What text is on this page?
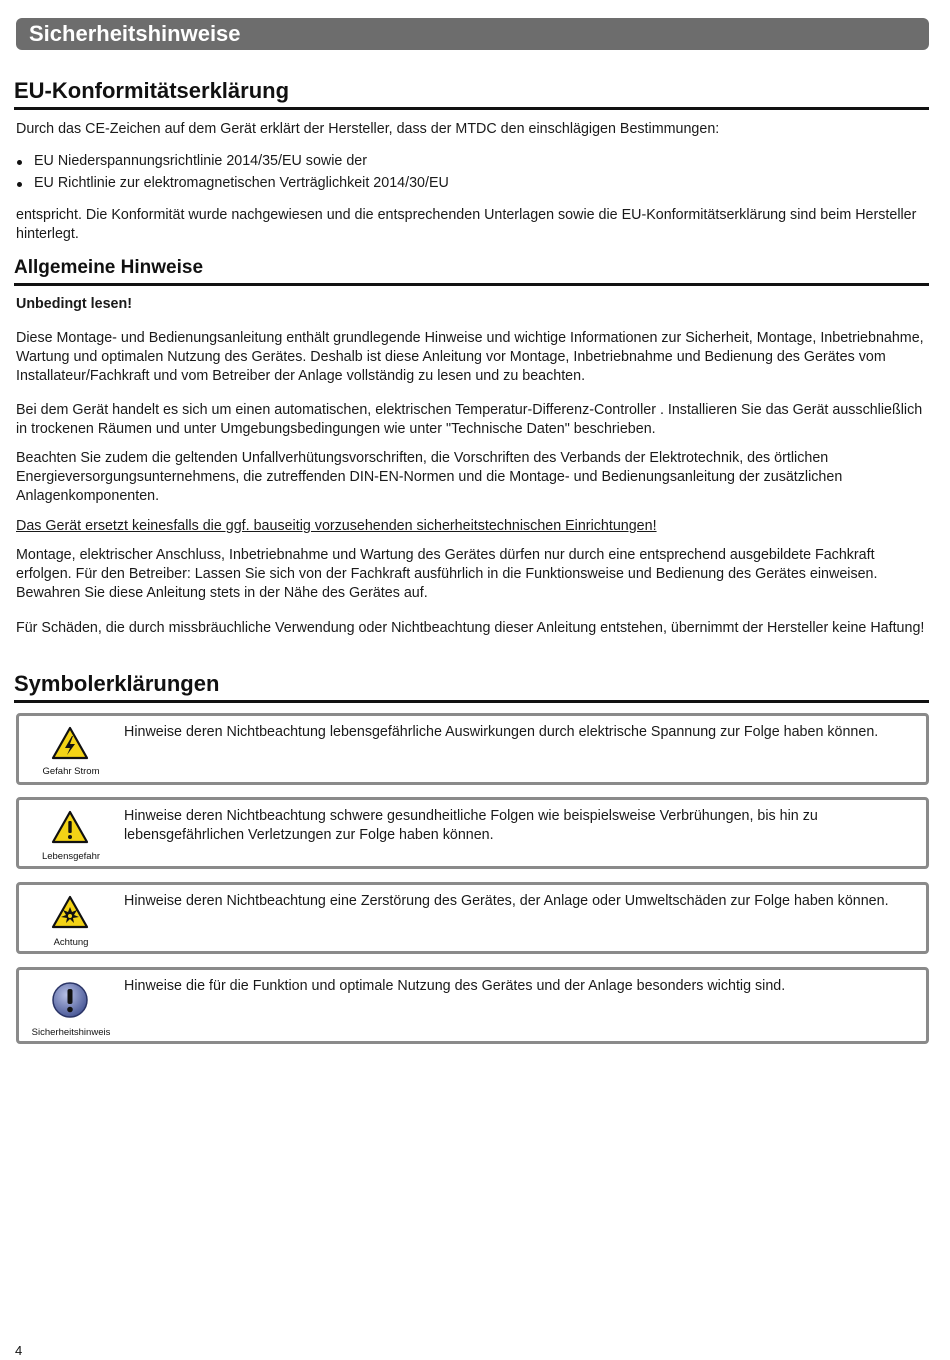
Sicherheitshinweise
EU-Konformitätserklärung

Durch das CE-Zeichen auf dem Gerät erklärt der Hersteller, dass der MTDC den einschlägigen Bestimmungen:

EU Niederspannungsrichtlinie 2014/35/EU sowie der
EU Richtlinie zur elektromagnetischen Verträglichkeit 2014/30/EU

entspricht. Die Konformität wurde nachgewiesen und die entsprechenden Unterlagen sowie die EU-Konformitätserklärung sind beim Hersteller hinterlegt.

Allgemeine Hinweise

Unbedingt lesen!

Diese Montage- und Bedienungsanleitung enthält grundlegende Hinweise und wichtige Informationen zur Sicherheit, Montage, Inbetriebnahme, Wartung und optimalen Nutzung des Gerätes. Deshalb ist diese Anleitung vor Montage, Inbetriebnahme und Bedienung des Gerätes vom Installateur/Fachkraft und vom Betreiber der Anlage vollständig zu lesen und zu beachten.

Bei dem Gerät handelt es sich um einen automatischen, elektrischen Temperatur-Differenz-Controller . Installieren Sie das Gerät ausschließlich in trockenen Räumen und unter Umgebungsbedingungen wie unter "Technische Daten" beschrieben.

Beachten Sie zudem die geltenden Unfallverhütungsvorschriften, die Vorschriften des Verbands der Elektrotechnik, des örtlichen Energieversorgungsunternehmens, die zutreffenden DIN-EN-Normen und die Montage- und Bedienungsanleitung der zusätzlichen Anlagenkomponenten.

Das Gerät ersetzt keinesfalls die ggf. bauseitig vorzusehenden sicherheitstechnischen Einrichtungen!

Montage, elektrischer Anschluss, Inbetriebnahme und Wartung des Gerätes dürfen nur durch eine entsprechend ausgebildete Fachkraft erfolgen. Für den Betreiber: Lassen Sie sich von der Fachkraft ausführlich in die Funktionsweise und Bedienung des Gerätes einweisen. Bewahren Sie diese Anleitung stets in der Nähe des Gerätes auf.

Für Schäden, die durch missbräuchliche Verwendung oder Nichtbeachtung dieser Anleitung entstehen, übernimmt der Hersteller keine Haftung!

Symbolerklärungen
Gefahr Strom
Hinweise deren Nichtbeachtung lebensgefährliche Auswirkungen durch elektrische Spannung zur Folge haben können.
Lebensgefahr
Hinweise deren Nichtbeachtung schwere gesundheitliche Folgen wie beispielsweise Verbrühungen, bis hin zu lebensgefährlichen Verletzungen zur Folge haben können.
Achtung
Hinweise deren Nichtbeachtung eine Zerstörung des Gerätes, der Anlage oder Umweltschäden zur Folge haben können.
Sicherheitshinweis
Hinweise die für die Funktion und optimale Nutzung des Gerätes und der Anlage besonders wichtig sind.
4
